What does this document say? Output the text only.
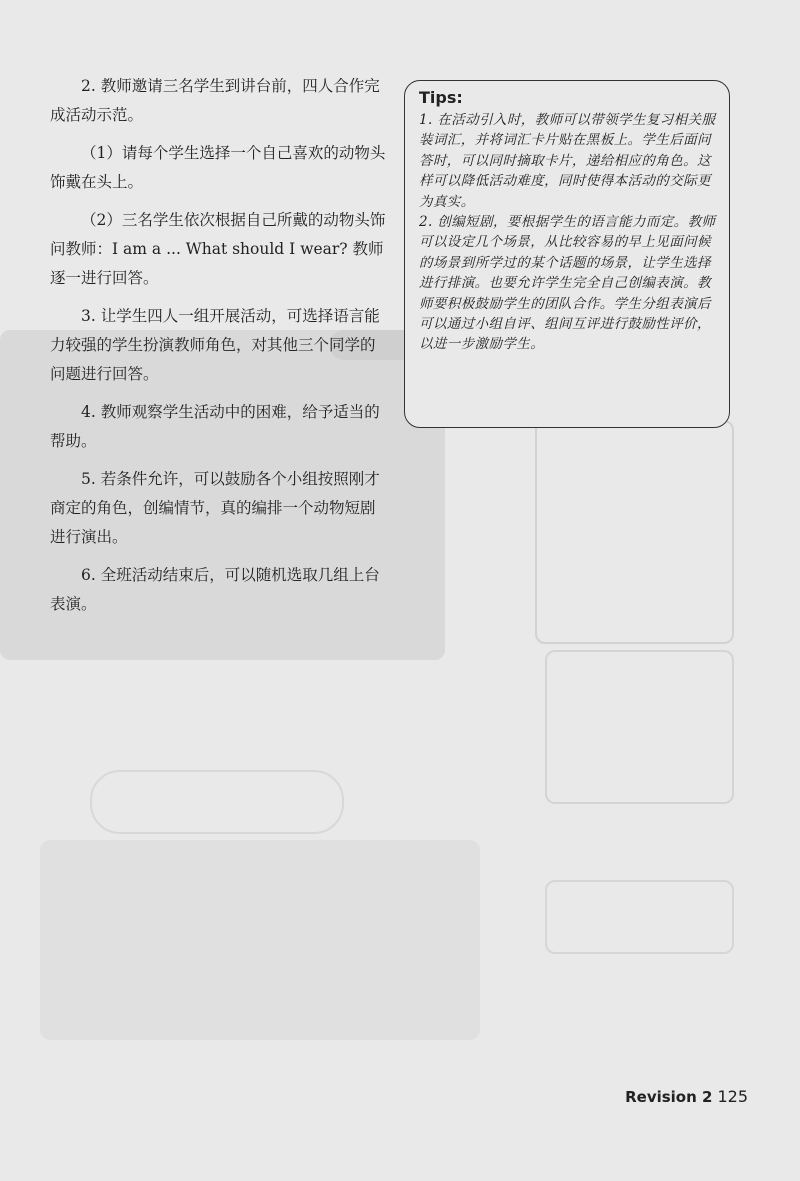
2. 教师邀请三名学生到讲台前，四人合作完成活动示范。

（1）请每个学生选择一个自己喜欢的动物头饰戴在头上。

（2）三名学生依次根据自己所戴的动物头饰问教师：I am a ... What should I wear? 教师逐一进行回答。

3. 让学生四人一组开展活动，可选择语言能力较强的学生扮演教师角色，对其他三个同学的问题进行回答。

4. 教师观察学生活动中的困难，给予适当的帮助。

5. 若条件允许，可以鼓励各个小组按照刚才商定的角色，创编情节，真的编排一个动物短剧进行演出。

6. 全班活动结束后，可以随机选取几组上台表演。

Tips:

1. 在活动引入时，教师可以带领学生复习相关服装词汇，并将词汇卡片贴在黑板上。学生后面问答时，可以同时摘取卡片，递给相应的角色。这样可以降低活动难度，同时使得本活动的交际更为真实。

2. 创编短剧，要根据学生的语言能力而定。教师可以设定几个场景，从比较容易的早上见面问候的场景到所学过的某个话题的场景，让学生选择进行排演。也要允许学生完全自己创编表演。教师要积极鼓励学生的团队合作。学生分组表演后可以通过小组自评、组间互评进行鼓励性评价，以进一步激励学生。

Revision 2 125
